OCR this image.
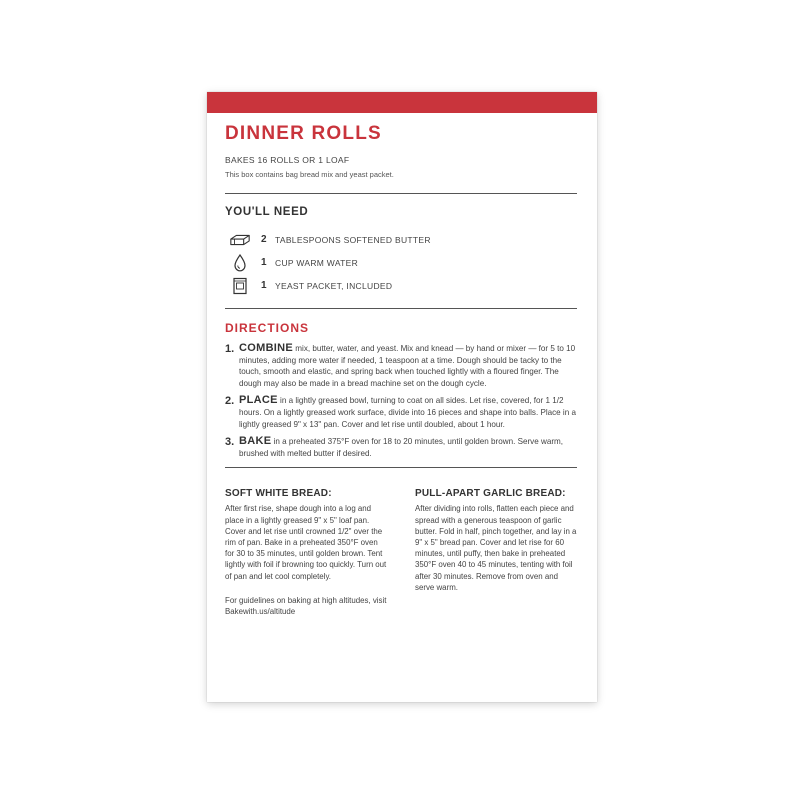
DINNER ROLLS
BAKES 16 ROLLS OR 1 LOAF
This box contains bag bread mix and yeast packet.
YOU'LL NEED
2 TABLESPOONS SOFTENED BUTTER
1 CUP WARM WATER
1 YEAST PACKET, INCLUDED
DIRECTIONS
1. COMBINE mix, butter, water, and yeast. Mix and knead — by hand or mixer — for 5 to 10 minutes, adding more water if needed, 1 teaspoon at a time. Dough should be tacky to the touch, smooth and elastic, and spring back when touched lightly with a floured finger. The dough may also be made in a bread machine set on the dough cycle.
2. PLACE in a lightly greased bowl, turning to coat on all sides. Let rise, covered, for 1 1/2 hours. On a lightly greased work surface, divide into 16 pieces and shape into balls. Place in a lightly greased 9" x 13" pan. Cover and let rise until doubled, about 1 hour.
3. BAKE in a preheated 375°F oven for 18 to 20 minutes, until golden brown. Serve warm, brushed with melted butter if desired.
SOFT WHITE BREAD:
After first rise, shape dough into a log and place in a lightly greased 9" x 5" loaf pan. Cover and let rise until crowned 1/2" over the rim of pan. Bake in a preheated 350°F oven for 30 to 35 minutes, until golden brown. Tent lightly with foil if browning too quickly. Turn out of pan and let cool completely.
For guidelines on baking at high altitudes, visit Bakewith.us/altitude
PULL-APART GARLIC BREAD:
After dividing into rolls, flatten each piece and spread with a generous teaspoon of garlic butter. Fold in half, pinch together, and lay in a 9" x 5" bread pan. Cover and let rise for 60 minutes, until puffy, then bake in preheated 350°F oven 40 to 45 minutes, tenting with foil after 30 minutes. Remove from oven and serve warm.
